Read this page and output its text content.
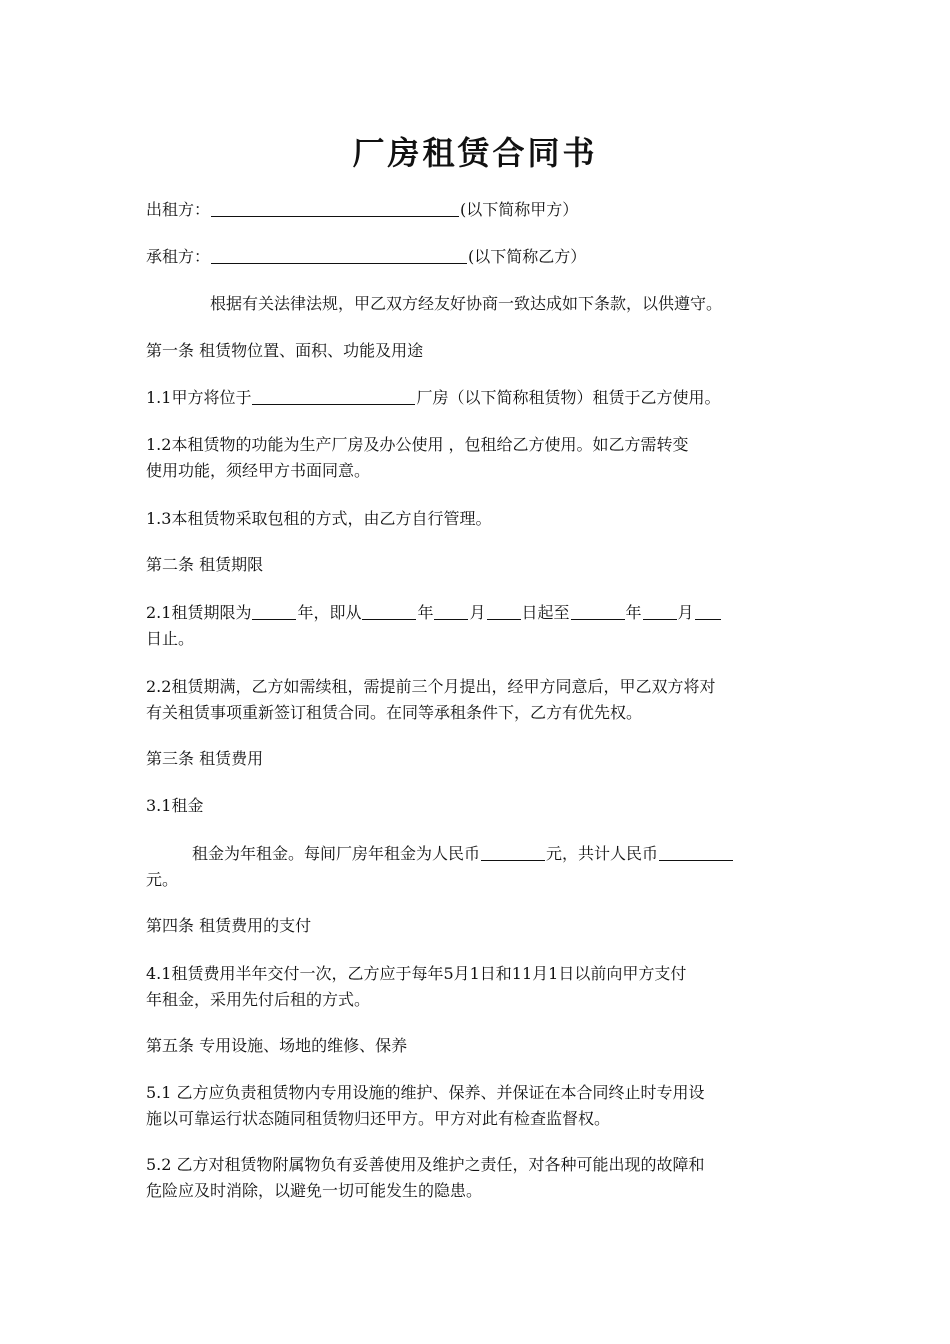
厂房租赁合同书
出租方：	(以下简称甲方）
承租方：	(以下简称乙方）
根据有关法律法规，甲乙双方经友好协商一致达成如下条款，以供遵守。
第一条 租赁物位置、面积、功能及用途
1.1甲方将位于	厂房（以下简称租赁物）租赁于乙方使用。
1.2本租赁物的功能为生产厂房及办公使用 ，包租给乙方使用。如乙方需转变
使用功能，须经甲方书面同意。
1.3本租赁物采取包租的方式，由乙方自行管理。
第二条 租赁期限
2.1租赁期限为	年，即从	年 月 日起至	年 月
日止。
2.2租赁期满，乙方如需续租，需提前三个月提出，经甲方同意后，甲乙双方将对
有关租赁事项重新签订租赁合同。在同等承租条件下，乙方有优先权。
第三条 租赁费用
3.1租金
租金为年租金。每间厂房年租金为人民币	元，共计人民币
元。
第四条 租赁费用的支付
4.1租赁费用半年交付一次，乙方应于每年5月1日和11月1日以前向甲方支付
年租金，采用先付后租的方式。
第五条 专用设施、场地的维修、保养
5.1 乙方应负责租赁物内专用设施的维护、保养、并保证在本合同终止时专用设
施以可靠运行状态随同租赁物归还甲方。甲方对此有检查监督权。
5.2 乙方对租赁物附属物负有妥善使用及维护之责任，对各种可能出现的故障和
危险应及时消除，以避免一切可能发生的隐患。
